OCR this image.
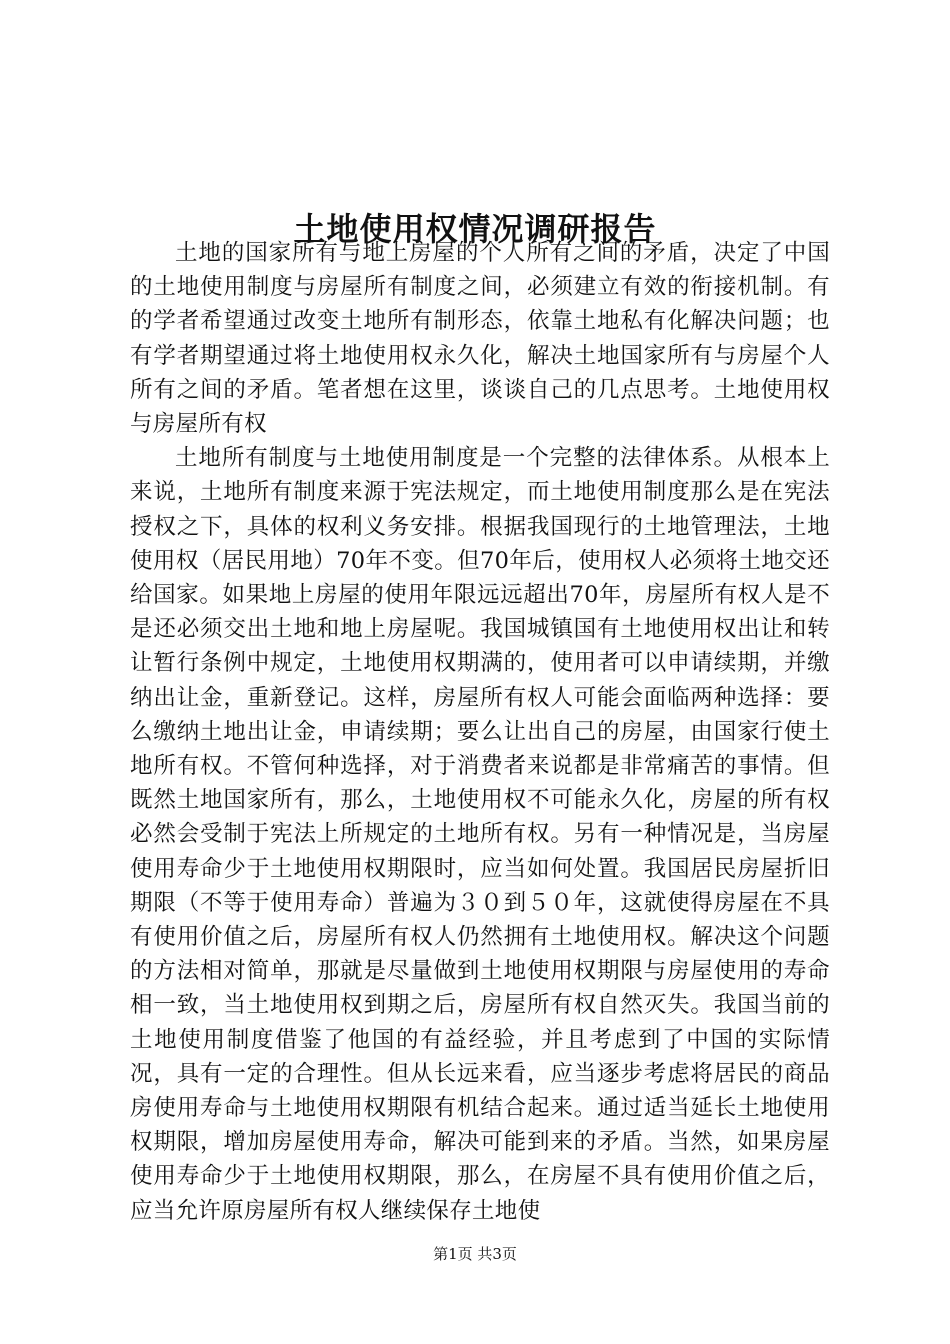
土地使用权情况调研报告

土地的国家所有与地上房屋的个人所有之间的矛盾，决定了中国的土地使用制度与房屋所有制度之间，必须建立有效的衔接机制。有的学者希望通过改变土地所有制形态，依靠土地私有化解决问题；也有学者期望通过将土地使用权永久化，解决土地国家所有与房屋个人所有之间的矛盾。笔者想在这里，谈谈自己的几点思考。土地使用权与房屋所有权

土地所有制度与土地使用制度是一个完整的法律体系。从根本上来说，土地所有制度来源于宪法规定，而土地使用制度那么是在宪法授权之下，具体的权利义务安排。根据我国现行的土地管理法，土地使用权（居民用地）70年不变。但70年后，使用权人必须将土地交还给国家。如果地上房屋的使用年限远远超出70年，房屋所有权人是不是还必须交出土地和地上房屋呢。我国城镇国有土地使用权出让和转让暂行条例中规定，土地使用权期满的，使用者可以申请续期，并缴纳出让金，重新登记。这样，房屋所有权人可能会面临两种选择：要么缴纳土地出让金，申请续期；要么让出自己的房屋，由国家行使土地所有权。不管何种选择，对于消费者来说都是非常痛苦的事情。但既然土地国家所有，那么，土地使用权不可能永久化，房屋的所有权必然会受制于宪法上所规定的土地所有权。另有一种情况是，当房屋使用寿命少于土地使用权期限时，应当如何处置。我国居民房屋折旧期限（不等于使用寿命）普遍为３０到５０年，这就使得房屋在不具有使用价值之后，房屋所有权人仍然拥有土地使用权。解决这个问题的方法相对简单，那就是尽量做到土地使用权期限与房屋使用的寿命相一致，当土地使用权到期之后，房屋所有权自然灭失。我国当前的土地使用制度借鉴了他国的有益经验，并且考虑到了中国的实际情况，具有一定的合理性。但从长远来看，应当逐步考虑将居民的商品房使用寿命与土地使用权期限有机结合起来。通过适当延长土地使用权期限，增加房屋使用寿命，解决可能到来的矛盾。当然，如果房屋使用寿命少于土地使用权期限，那么，在房屋不具有使用价值之后，应当允许原房屋所有权人继续保存土地使

第1页 共3页
